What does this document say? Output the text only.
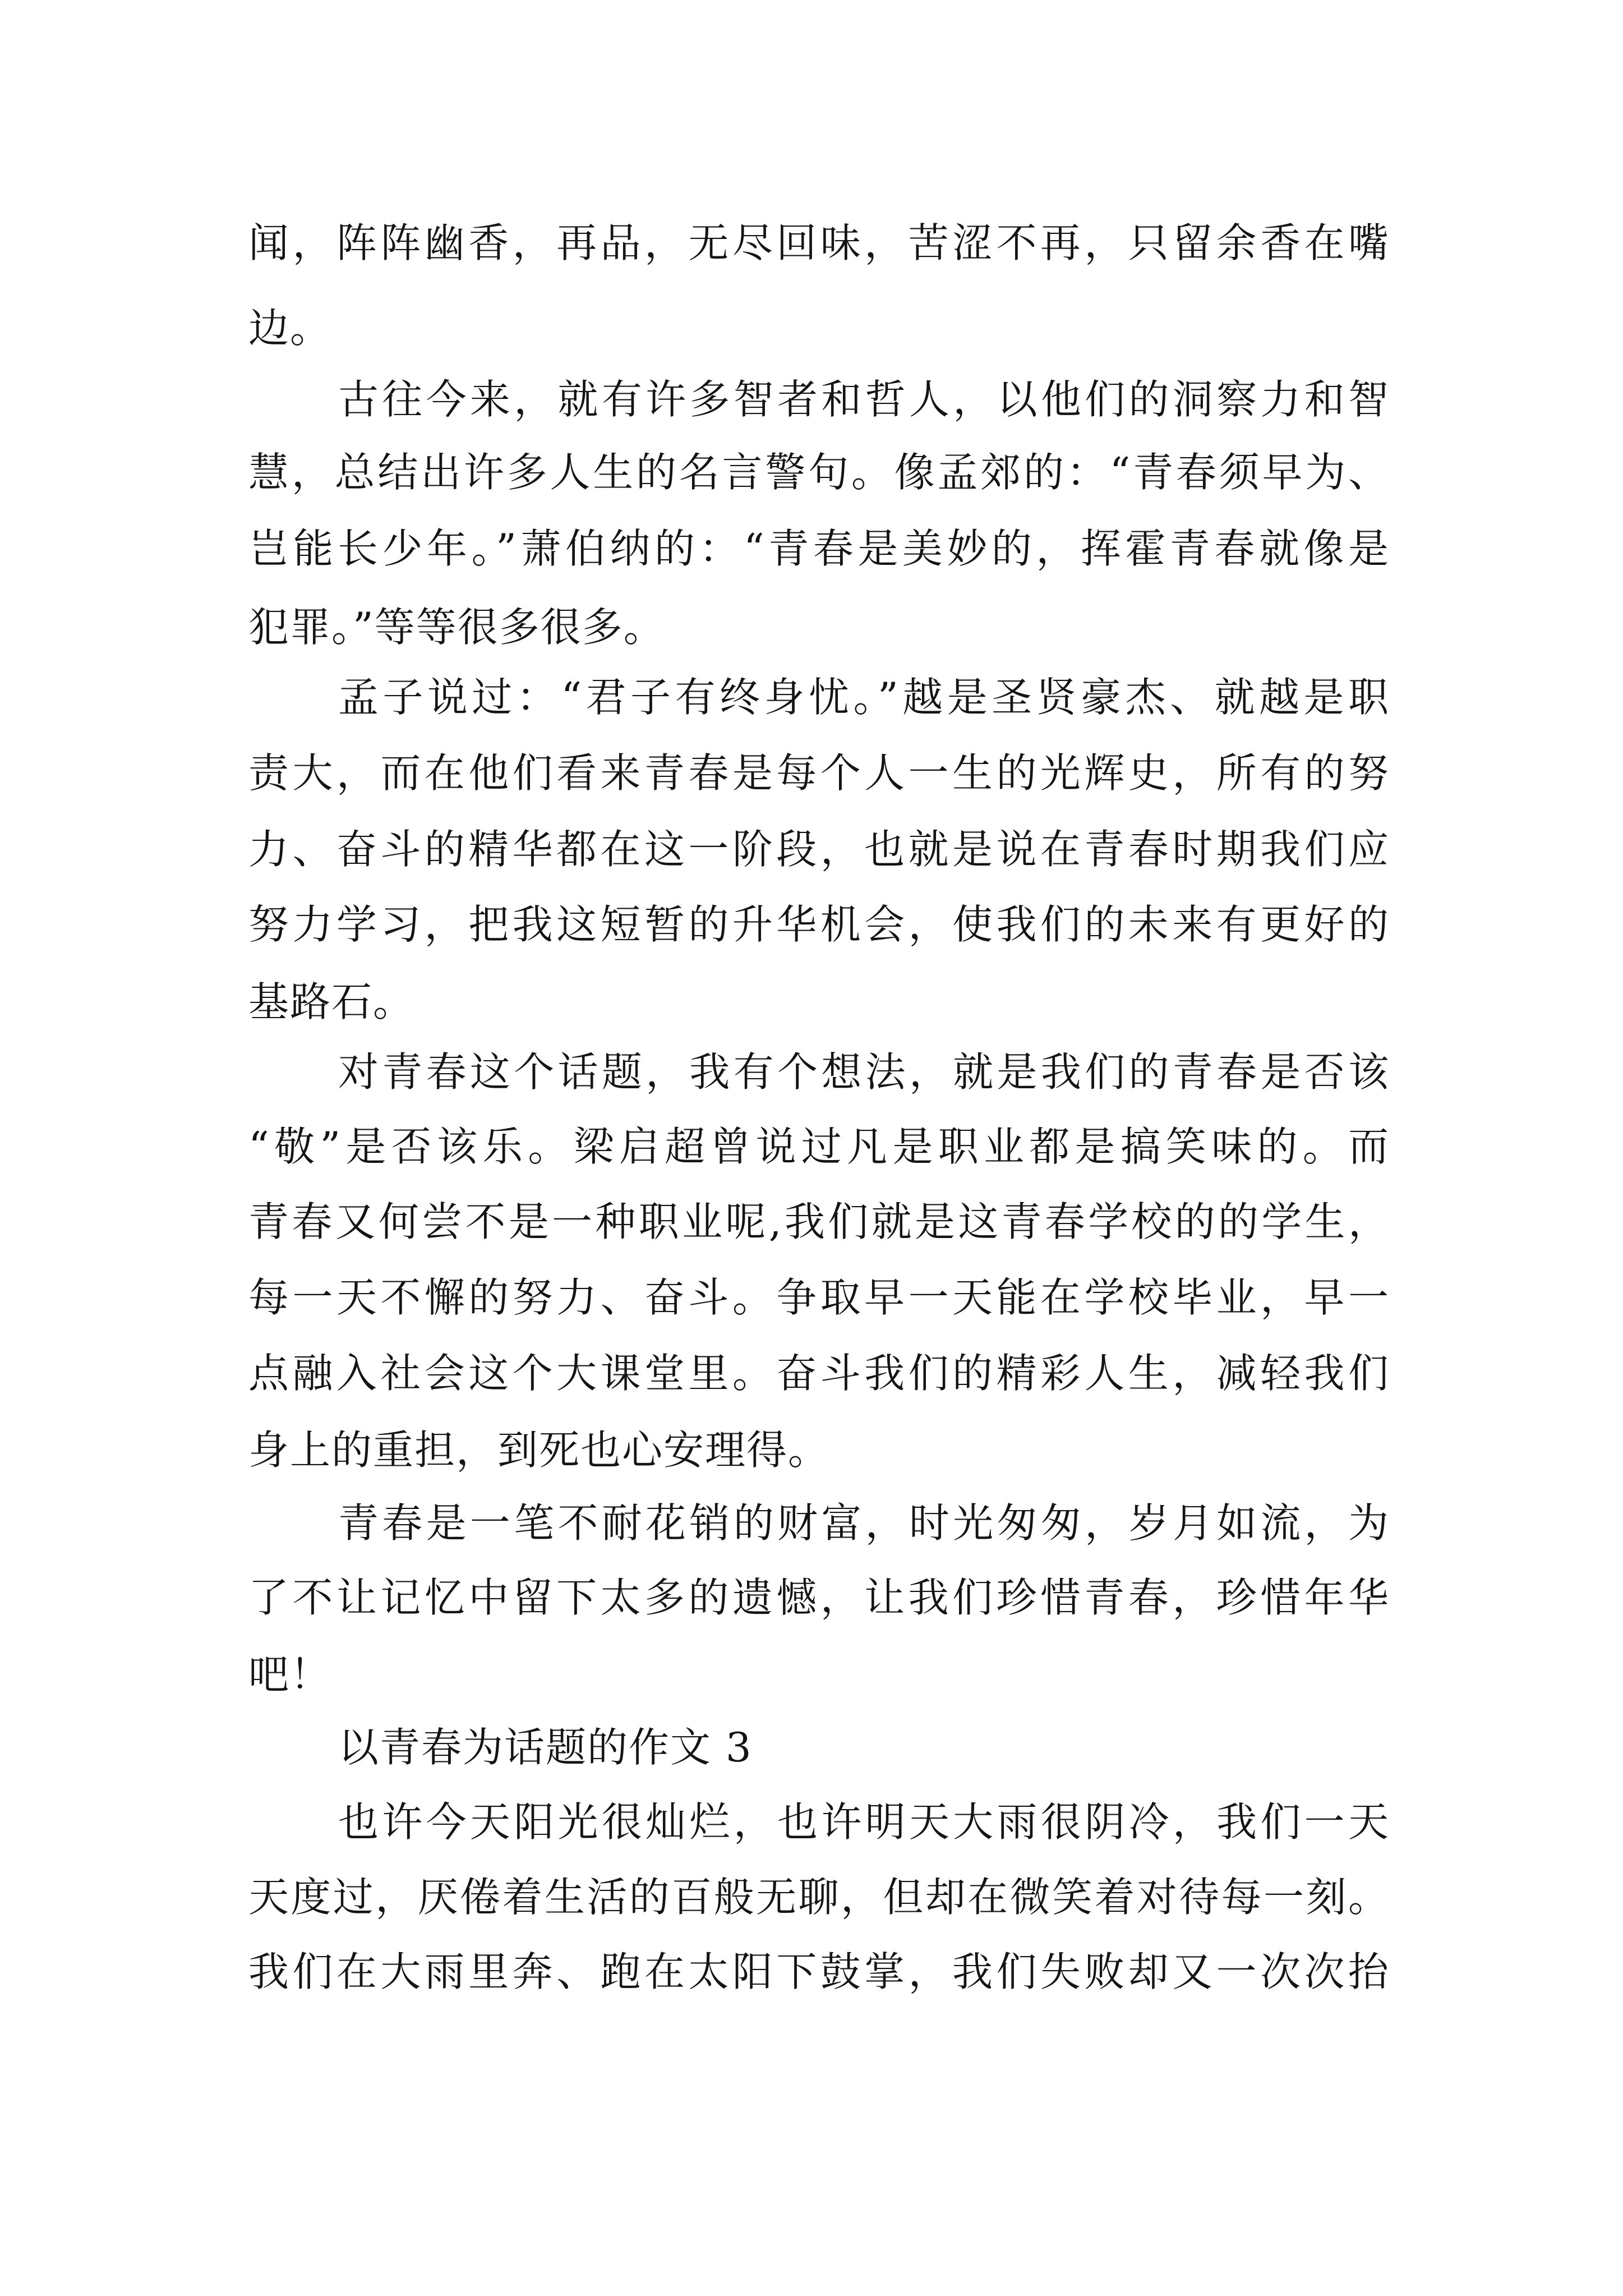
闻，阵阵幽香，再品，无尽回味，苦涩不再，只留余香在嘴
边。
古往今来，就有许多智者和哲人，以他们的洞察力和智
慧，总结出许多人生的名言警句。像孟郊的：“青春须早为、
岂能长少年。”萧伯纳的：“青春是美妙的，挥霍青春就像是
犯罪。”等等很多很多。
孟子说过：“君子有终身忧。”越是圣贤豪杰、就越是职
责大，而在他们看来青春是每个人一生的光辉史，所有的努
力、奋斗的精华都在这一阶段，也就是说在青春时期我们应
努力学习，把我这短暂的升华机会，使我们的未来有更好的
基路石。
对青春这个话题，我有个想法，就是我们的青春是否该
“敬”是否该乐。梁启超曾说过凡是职业都是搞笑味的。而
青春又何尝不是一种职业呢,我们就是这青春学校的的学生，
每一天不懈的努力、奋斗。争取早一天能在学校毕业，早一
点融入社会这个大课堂里。奋斗我们的精彩人生，减轻我们
身上的重担，到死也心安理得。
青春是一笔不耐花销的财富，时光匆匆，岁月如流，为
了不让记忆中留下太多的遗憾，让我们珍惜青春，珍惜年华
吧！
以青春为话题的作文 3
也许今天阳光很灿烂，也许明天大雨很阴冷，我们一天
天度过，厌倦着生活的百般无聊，但却在微笑着对待每一刻。
我们在大雨里奔、跑在太阳下鼓掌，我们失败却又一次次抬
